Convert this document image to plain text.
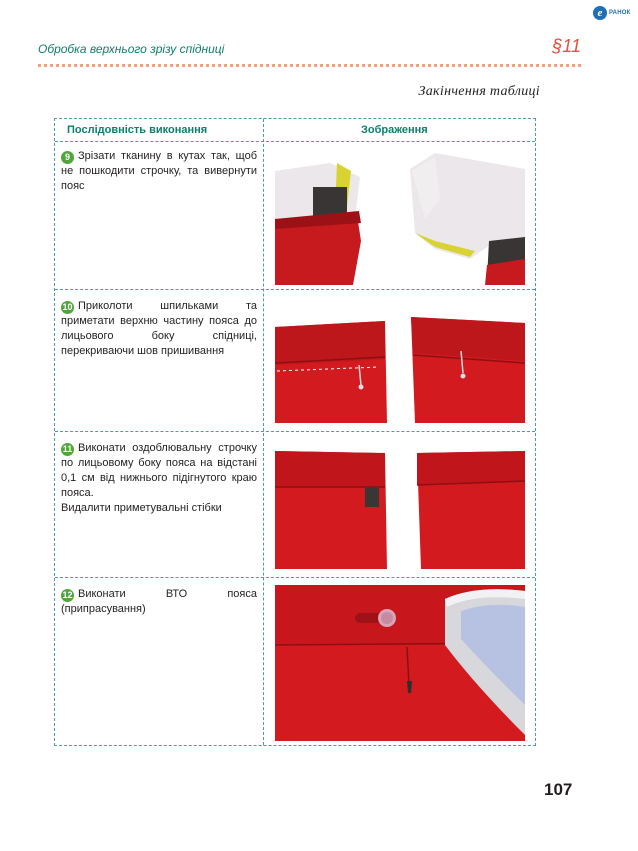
e	РАНОК
Обробка верхнього зрізу спідниці	§11
Закінчення таблиці
Послідовність виконання	Зображення
9 Зрізати тканину в кутах так, щоб не пошкодити строчку, та вивернути пояс
10 Приколоти шпильками та приметати верхню частину пояса до лицьового боку спідниці, перекриваючи шов пришивання
11 Виконати оздоблювальну строчку по лицьовому боку пояса на відстані 0,1 см від нижнього підігнутого краю пояса.
Видалити приметувальні стібки
12 Виконати ВТО пояса (припрасування)
107
